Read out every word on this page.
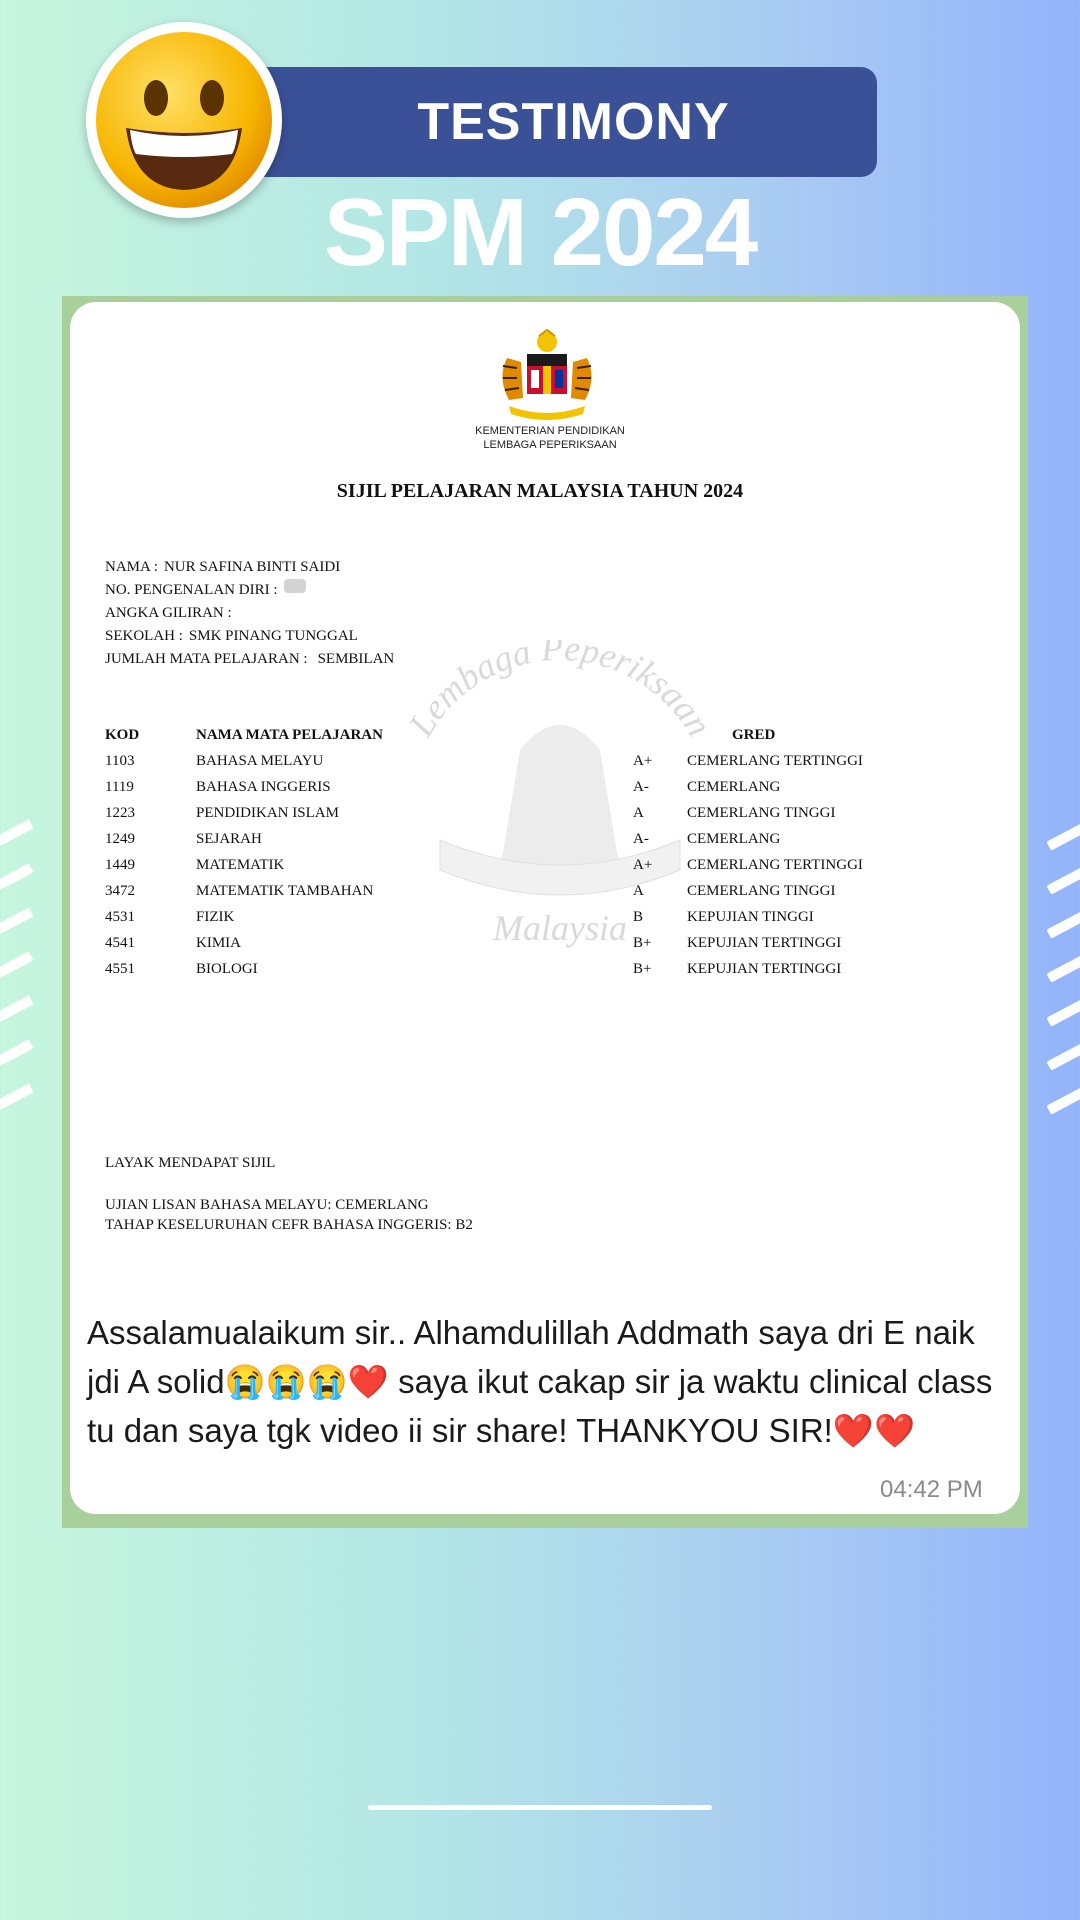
TESTIMONY
SPM 2024
KEMENTERIAN PENDIDIKAN
LEMBAGA PEPERIKSAAN
SIJIL PELAJARAN MALAYSIA TAHUN 2024
NAMA : NUR SAFINA BINTI SAIDI
NO. PENGENALAN DIRI :
ANGKA GILIRAN :
SEKOLAH : SMK PINANG TUNGGAL
JUMLAH MATA PELAJARAN : SEMBILAN
Lembaga Peperiksaan
Malaysia
KOD	NAMA MATA PELAJARAN	GRED
1103	BAHASA MELAYU	A+ CEMERLANG TERTINGGI
1119	BAHASA INGGERIS	A-	CEMERLANG
1223	PENDIDIKAN ISLAM	A	CEMERLANG TINGGI
1249	SEJARAH	A-	CEMERLANG
1449	MATEMATIK	A+ CEMERLANG TERTINGGI
3472	MATEMATIK TAMBAHAN	A	CEMERLANG TINGGI
4531	FIZIK	B	KEPUJIAN TINGGI
4541	KIMIA	B+ KEPUJIAN TERTINGGI
4551	BIOLOGI	B+ KEPUJIAN TERTINGGI
LAYAK MENDAPAT SIJIL
UJIAN LISAN BAHASA MELAYU: CEMERLANG
TAHAP KESELURUHAN CEFR BAHASA INGGERIS: B2
Assalamualaikum sir.. Alhamdulillah Addmath saya dri E naik jdi A solid😭😭😭❤️ saya ikut cakap sir ja waktu clinical class tu dan saya tgk video ii sir share! THANKYOU SIR!❤️❤️
04:42 PM
